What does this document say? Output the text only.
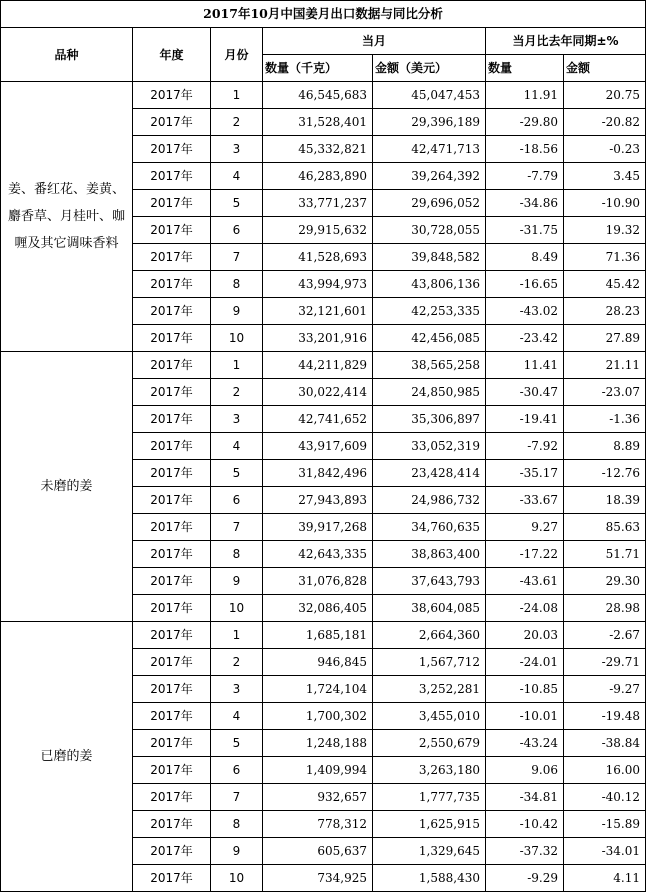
2017年10月中国姜月出口数据与同比分析						
品种	年度	月份	当月		当月比去年同期±%	
			数量（千克）	金额（美元）	数量	金额
姜、番红花、姜黄、麝香草、月桂叶、咖喱及其它调味香料	2017年	1	46,545,683	45,047,453	11.91	20.75
	2017年	2	31,528,401	29,396,189	-29.80	-20.82
	2017年	3	45,332,821	42,471,713	-18.56	-0.23
	2017年	4	46,283,890	39,264,392	-7.79	3.45
	2017年	5	33,771,237	29,696,052	-34.86	-10.90
	2017年	6	29,915,632	30,728,055	-31.75	19.32
	2017年	7	41,528,693	39,848,582	8.49	71.36
	2017年	8	43,994,973	43,806,136	-16.65	45.42
	2017年	9	32,121,601	42,253,335	-43.02	28.23
	2017年	10	33,201,916	42,456,085	-23.42	27.89
未磨的姜	2017年	1	44,211,829	38,565,258	11.41	21.11
	2017年	2	30,022,414	24,850,985	-30.47	-23.07
	2017年	3	42,741,652	35,306,897	-19.41	-1.36
	2017年	4	43,917,609	33,052,319	-7.92	8.89
	2017年	5	31,842,496	23,428,414	-35.17	-12.76
	2017年	6	27,943,893	24,986,732	-33.67	18.39
	2017年	7	39,917,268	34,760,635	9.27	85.63
	2017年	8	42,643,335	38,863,400	-17.22	51.71
	2017年	9	31,076,828	37,643,793	-43.61	29.30
	2017年	10	32,086,405	38,604,085	-24.08	28.98
已磨的姜	2017年	1	1,685,181	2,664,360	20.03	-2.67
	2017年	2	946,845	1,567,712	-24.01	-29.71
	2017年	3	1,724,104	3,252,281	-10.85	-9.27
	2017年	4	1,700,302	3,455,010	-10.01	-19.48
	2017年	5	1,248,188	2,550,679	-43.24	-38.84
	2017年	6	1,409,994	3,263,180	9.06	16.00
	2017年	7	932,657	1,777,735	-34.81	-40.12
	2017年	8	778,312	1,625,915	-10.42	-15.89
	2017年	9	605,637	1,329,645	-37.32	-34.01
	2017年	10	734,925	1,588,430	-9.29	4.11
